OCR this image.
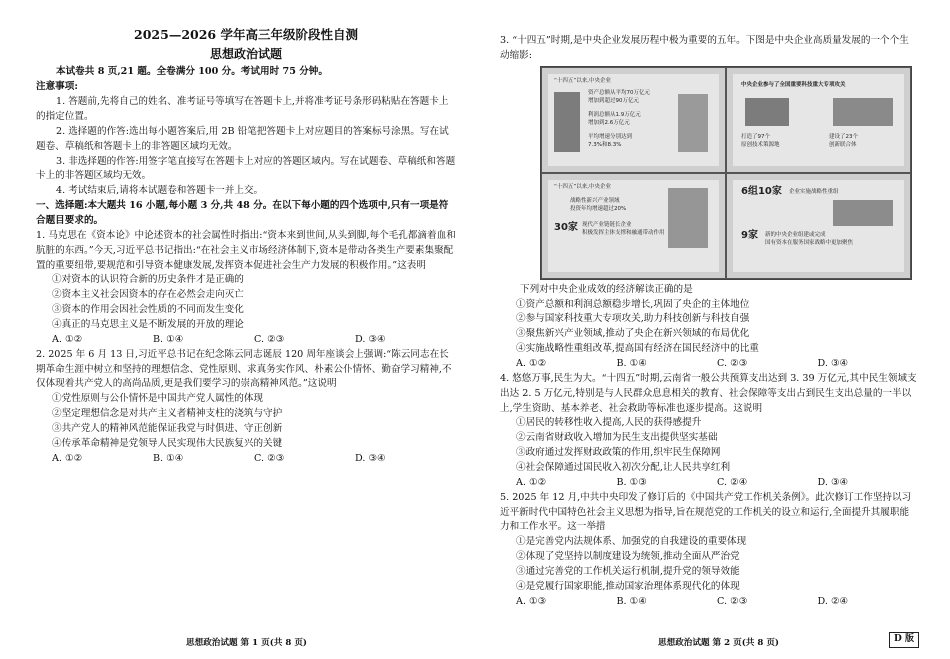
2025—2026 学年高三年级阶段性自测
思想政治试题
本试卷共 8 页,21 题。全卷满分 100 分。考试用时 75 分钟。
注意事项:

1. 答题前,先将自己的姓名、准考证号等填写在答题卡上,并将准考证号条形码粘贴在答题卡上的指定位置。

2. 选择题的作答:选出每小题答案后,用 2B 铅笔把答题卡上对应题目的答案标号涂黑。写在试题卷、草稿纸和答题卡上的非答题区域均无效。

3. 非选择题的作答:用签字笔直接写在答题卡上对应的答题区域内。写在试题卷、草稿纸和答题卡上的非答题区域均无效。

4. 考试结束后,请将本试题卷和答题卡一并上交。

一、选择题:本大题共 16 小题,每小题 3 分,共 48 分。在以下每小题的四个选项中,只有一项是符合题目要求的。

1. 马克思在《资本论》中论述资本的社会属性时指出:“资本来到世间,从头到脚,每个毛孔都滴着血和肮脏的东西。”今天,习近平总书记指出:“在社会主义市场经济体制下,资本是带动各类生产要素集聚配置的重要纽带,要规范和引导资本健康发展,发挥资本促进社会生产力发展的积极作用。”这表明

①对资本的认识符合新的历史条件才是正确的

②资本主义社会因资本的存在必然会走向灭亡

③资本的作用会因社会性质的不同而发生变化

④真正的马克思主义是不断发展的开放的理论

A. ①②	B. ①④	C. ②③	D. ③④

2. 2025 年 6 月 13 日,习近平总书记在纪念陈云同志诞辰 120 周年座谈会上强调:“陈云同志在长期革命生涯中树立和坚持的理想信念、党性原则、求真务实作风、朴素公仆情怀、勤奋学习精神,不仅体现着共产党人的高尚品质,更是我们要学习的崇高精神风范。”这说明

①党性原则与公仆情怀是中国共产党人属性的体现

②坚定理想信念是对共产主义者精神支柱的浇筑与守护

③共产党人的精神风范能保证我党与时俱进、守正创新

④传承革命精神是党领导人民实现伟大民族复兴的关键

A. ①②	B. ①④	C. ②③	D. ③④
思想政治试题 第 1 页(共 8 页)

3. “十四五”时期,是中央企业发展历程中极为重要的五年。下图是中央企业高质量发展的一个个生动缩影:

“十四五”以来,中央企业
资产总额从平均70万亿元
增加到超过90万亿元
利润总额从1.9万亿元
增加到2.6万亿元
平均增速分别达到
7.3%和8.3%
中央企业参与了全国重要科技重大专项攻关
打造了97个
原创技术策源地
建设了23个
创新联合体
“十四五”以来,中央企业
战略性新兴产业领域
投资年均增速超过20%
30家 现代产业链链长企业
积极发挥主体支撑和融通带动作用
6组10家 企业实施战略性重组
9家 新的中央企业组建或完成
国有资本在服务国家战略中更加聚焦

下列对中央企业成效的经济解读正确的是

①资产总额和利润总额稳步增长,巩固了央企的主体地位

②参与国家科技重大专项攻关,助力科技创新与科技自强

③聚焦新兴产业领域,推动了央企在新兴领域的布局优化

④实施战略性重组改革,提高国有经济在国民经济中的比重

A. ①②	B. ①④	C. ②③	D. ③④

4. 悠悠万事,民生为大。“十四五”时期,云南省一般公共预算支出达到 3. 39 万亿元,其中民生领域支出达 2. 5 万亿元,特别是与人民群众息息相关的教育、社会保障等支出占到民生支出总量的一半以上,学生资助、基本养老、社会救助等标准也逐步提高。这说明

①居民的转移性收入提高,人民的获得感提升

②云南省财政收入增加为民生支出提供坚实基础

③政府通过发挥财政政策的作用,织牢民生保障网

④社会保障通过国民收入初次分配,让人民共享红利

A. ①②	B. ①③	C. ②④	D. ③④

5. 2025 年 12 月,中共中央印发了修订后的《中国共产党工作机关条例》。此次修订工作坚持以习近平新时代中国特色社会主义思想为指导,旨在规范党的工作机关的设立和运行,全面提升其履职能力和工作水平。这一举措

①是完善党内法规体系、加强党的自我建设的重要体现

②体现了党坚持以制度建设为统领,推动全面从严治党

③通过完善党的工作机关运行机制,提升党的领导效能

④是党履行国家职能,推动国家治理体系现代化的体现

A. ①③	B. ①④	C. ②③	D. ②④
思想政治试题 第 2 页(共 8 页)	D 版
